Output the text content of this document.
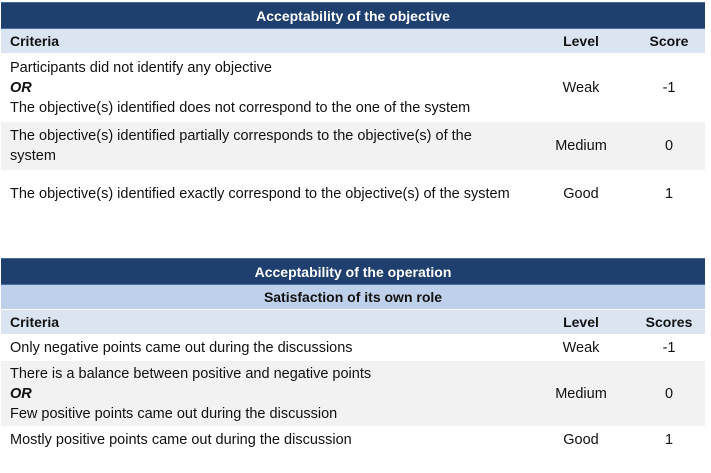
Acceptability of the objective		
Criteria	Level	Score

Participants did not identify any objective
OR
The objective(s) identified does not correspond to the one of the system	Weak	-1
The objective(s) identified partially corresponds to the objective(s) of the system	Medium	0
The objective(s) identified exactly correspond to the objective(s) of the system	Good	1
Acceptability of the operation		
Satisfaction of its own role		
Criteria	Level	Scores
Only negative points came out during the discussions	Weak	-1

There is a balance between positive and negative points
OR
Few positive points came out during the discussion	Medium	0
Mostly positive points came out during the discussion	Good	1
